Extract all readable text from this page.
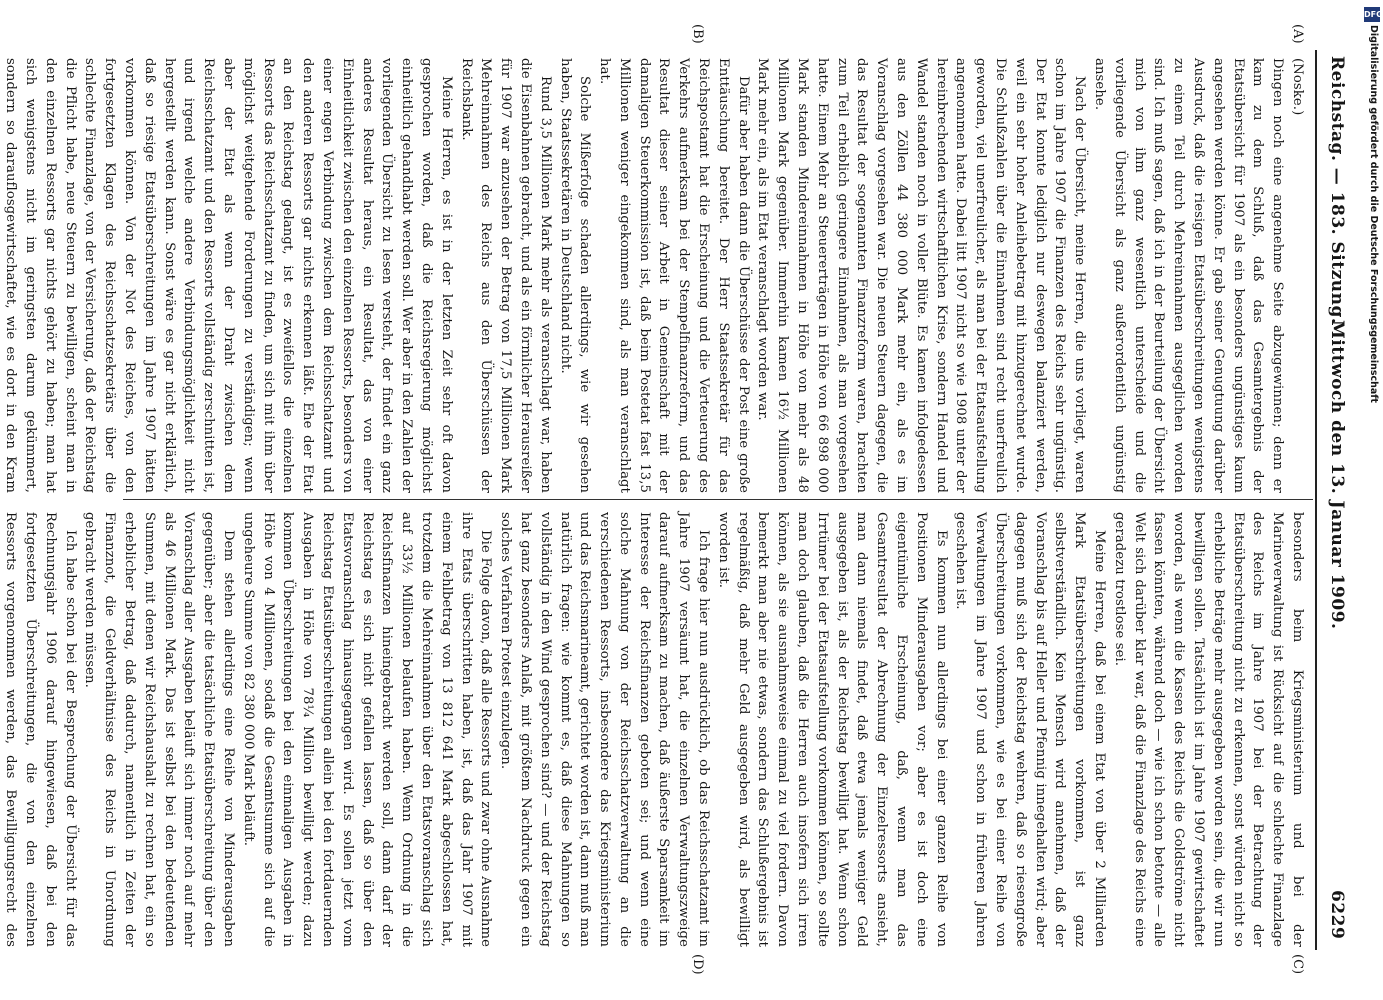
Reichstag. — 183. Sitzung.
Mittwoch den 13. Januar 1909.
6229
(A)
(B)
(C)
(D)

(Noske.)

Dingen noch eine angenehme Seite abzugewinnen; denn er kam zu dem Schluß, daß das Gesamtergebnis der Etatsübersicht für 1907 als ein besonders ungünstiges kaum angesehen werden könne. Er gab seiner Genugtuung darüber Ausdruck, daß die riesigen Etatsüberschreitungen wenigstens zu einem Teil durch Mehreinnahmen ausgeglichen worden sind. Ich muß sagen, daß ich in der Beurteilung der Übersicht mich von ihm ganz wesentlich unterscheide und die vorliegende Übersicht als ganz außerordentlich ungünstig ansehe.

Nach der Übersicht, meine Herren, die uns vorliegt, waren schon im Jahre 1907 die Finanzen des Reichs sehr ungünstig. Der Etat konnte lediglich nur deswegen balanziert werden, weil ein sehr hoher Anleihebetrag mit hinzugerechnet wurde. Die Schlußzahlen über die Einnahmen sind recht unerfreulich geworden, viel unerfreulicher, als man bei der Etatsaufstellung angenommen hatte. Dabei litt 1907 nicht so wie 1908 unter der hereinbrechenden wirtschaftlichen Krise, sondern Handel und Wandel standen noch in voller Blüte. Es kamen infolgedessen aus den Zöllen 44 380 000 Mark mehr ein, als es im Voranschlag vorgesehen war. Die neuen Steuern dagegen, die das Resultat der sogenannten Finanzreform waren, brachten zum Teil erheblich geringere Einnahmen, als man vorgesehen hatte. Einem Mehr an Steuererträgen in Höhe von 66 898 000 Mark standen Mindereinnahmen in Höhe von mehr als 48 Millionen Mark gegenüber. Immerhin kamen 16½ Millionen Mark mehr ein, als im Etat veranschlagt worden war.

Dafür aber haben dann die Überschüsse der Post eine große Enttäuschung bereitet. Der Herr Staatssekretär für das Reichspostamt hat die Erscheinung und die Verteuerung des Verkehrs aufmerksam bei der Stempelfinanzreform, und das Resultat dieser seiner Arbeit in Gemeinschaft mit der damaligen Steuerkommission ist, daß beim Postetat fast 13,5 Millionen weniger eingekommen sind, als man veranschlagt hat.

Solche Mißerfolge schaden allerdings, wie wir gesehen haben, Staatssekretären in Deutschland nicht.

Rund 3,5 Millionen Mark mehr als veranschlagt war, haben die Eisenbahnen gebracht, und als ein förmlicher Herausreißer für 1907 war anzusehen der Betrag von 17,5 Millionen Mark Mehreinnahmen des Reichs aus den Überschüssen der Reichsbank.

Meine Herren, es ist in der letzten Zeit sehr oft davon gesprochen worden, daß die Reichsregierung möglichst einheitlich gehandhabt werden soll. Wer aber in den Zahlen der vorliegenden Übersicht zu lesen versteht, der findet ein ganz anderes Resultat heraus, ein Resultat, das von einer Einheitlichkeit zwischen den einzelnen Ressorts, besonders von einer engen Verbindung zwischen dem Reichsschatzamt und den anderen Ressorts gar nichts erkennen läßt. Ehe der Etat an den Reichstag gelangt, ist es zweifellos die einzelnen Ressorts das Reichsschatzamt zu finden, um sich mit ihm über möglichst weitgehende Forderungen zu verständigen; wenn aber der Etat als wenn der Draht zwischen dem Reichsschatzamt und den Ressorts vollständig zerschnitten ist, und irgend welche andere Verbindungsmöglichkeit nicht hergestellt werden kann. Sonst wäre es gar nicht erklärlich, daß so riesige Etatsüberschreitungen im Jahre 1907 hätten vorkommen können. Von der Not des Reiches, von den fortgesetzten Klagen des Reichsschatzsekretärs über die schlechte Finanzlage, von der Versicherung, daß der Reichstag die Pflicht habe, neue Steuern zu bewilligen, scheint man in den einzelnen Ressorts gar nichts gehört zu haben; man hat sich wenigstens nicht im geringsten darum gekümmert, sondern so darauflosgewirtschaftet, wie es dort in den Kram

besonders beim Kriegsministerium und bei der Marineverwaltung ist Rücksicht auf die schlechte Finanzlage des Reichs im Jahre 1907 bei der Betrachtung der Etatsüberschreitung nicht zu erkennen, sonst würden nicht so erhebliche Beträge mehr ausgegeben worden sein, die wir nun bewilligen sollen. Tatsächlich ist im Jahre 1907 gewirtschaftet worden, als wenn die Kassen des Reichs die Goldströme nicht fassen könnten, während doch — wie ich schon betonte — alle Welt sich darüber klar war, daß die Finanzlage des Reichs eine geradezu trostlose sei.

Meine Herren, daß bei einem Etat von über 2 Milliarden Mark Etatsüberschreitungen vorkommen, ist ganz selbstverständlich. Kein Mensch wird annehmen, daß der Voranschlag bis auf Heller und Pfennig innegehalten wird; aber dagegen muß sich der Reichstag wehren, daß so riesengroße Überschreitungen vorkommen, wie es bei einer Reihe von Verwaltungen im Jahre 1907 und schon in früheren Jahren geschehen ist.

Es kommen nun allerdings bei einer ganzen Reihe von Positionen Minderausgaben vor; aber es ist doch eine eigentümliche Erscheinung, daß, wenn man das Gesamtresultat der Abrechnung der Einzelressorts ansieht, man dann niemals findet, daß etwa jemals weniger Geld ausgegeben ist, als der Reichstag bewilligt hat. Wenn schon Irrtümer bei der Etatsaufstellung vorkommen können, so sollte man doch glauben, daß die Herren auch insofern sich irren können, als sie ausnahmsweise einmal zu viel fordern. Davon bemerkt man aber nie etwas, sondern das Schlußergebnis ist regelmäßig, daß mehr Geld ausgegeben wird, als bewilligt worden ist.

Ich frage hier nun ausdrücklich, ob das Reichsschatzamt im Jahre 1907 versäumt hat, die einzelnen Verwaltungszweige darauf aufmerksam zu machen, daß äußerste Sparsamkeit im Interesse der Reichsfinanzen geboten sei; und wenn eine solche Mahnung von der Reichsschatzverwaltung an die verschiedenen Ressorts, insbesondere das Kriegsministerium und das Reichsmarineamt, gerichtet worden ist, dann muß man natürlich fragen: wie kommt es, daß diese Mahnungen so vollständig in den Wind gesprochen sind? — und der Reichstag hat ganz besonders Anlaß, mit größtem Nachdruck gegen ein solches Verfahren Protest einzulegen.

Die Folge davon, daß alle Ressorts und zwar ohne Ausnahme ihre Etats überschritten haben, ist, daß das Jahr 1907 mit einem Fehlbetrag von 13 812 641 Mark abgeschlossen hat, trotzdem die Mehreinnahmen über den Etatsvoranschlag sich auf 33½ Millionen belaufen haben. Wenn Ordnung in die Reichsfinanzen hineingebracht werden soll, dann darf der Reichstag es sich nicht gefallen lassen, daß so über den Etatsvoranschlag hinausgegangen wird. Es sollen jetzt vom Reichstag Etatsüberschreitungen allein bei den fortdauernden Ausgaben in Höhe von 78¼ Million bewilligt werden; dazu kommen Überschreitungen bei den einmaligen Ausgaben in Höhe von 4 Millionen, sodaß die Gesamtsumme sich auf die ungeheure Summe von 82 380 000 Mark beläuft.

Dem stehen allerdings eine Reihe von Minderausgaben gegenüber; aber die tatsächliche Etatsüberschreitung über den Voranschlag aller Ausgaben beläuft sich immer noch auf mehr als 46 Millionen Mark. Das ist selbst bei den bedeutenden Summen, mit denen wir Reichshaushalt zu rechnen hat, ein so erheblicher Betrag, daß dadurch, namentlich in Zeiten der Finanznot, die Geldverhältnisse des Reichs in Unordnung gebracht werden müssen.

Ich habe schon bei der Besprechung der Übersicht für das Rechnungsjahr 1906 darauf hingewiesen, daß bei den fortgesetzten Überschreitungen, die von den einzelnen Ressorts vorgenommen werden, das Bewilligungsrecht des

DFG
Digitalisierung gefördert durch die Deutsche Forschungsgemeinschaft
